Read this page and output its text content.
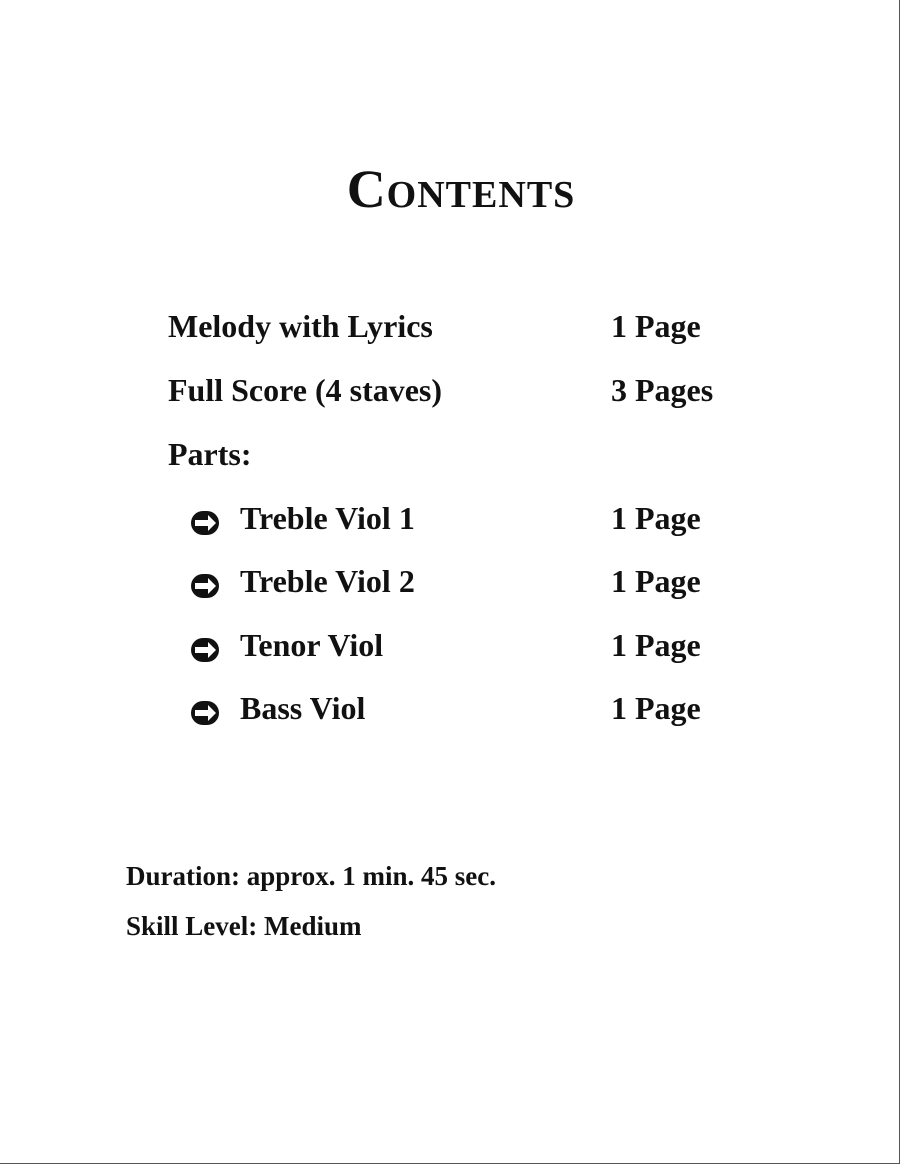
Contents
Melody with Lyrics	1 Page
Full Score (4 staves)	3 Pages
Parts:
Treble Viol 1	1 Page
Treble Viol 2	1 Page
Tenor Viol	1 Page
Bass Viol	1 Page
Duration: approx. 1 min. 45 sec.
Skill Level: Medium
